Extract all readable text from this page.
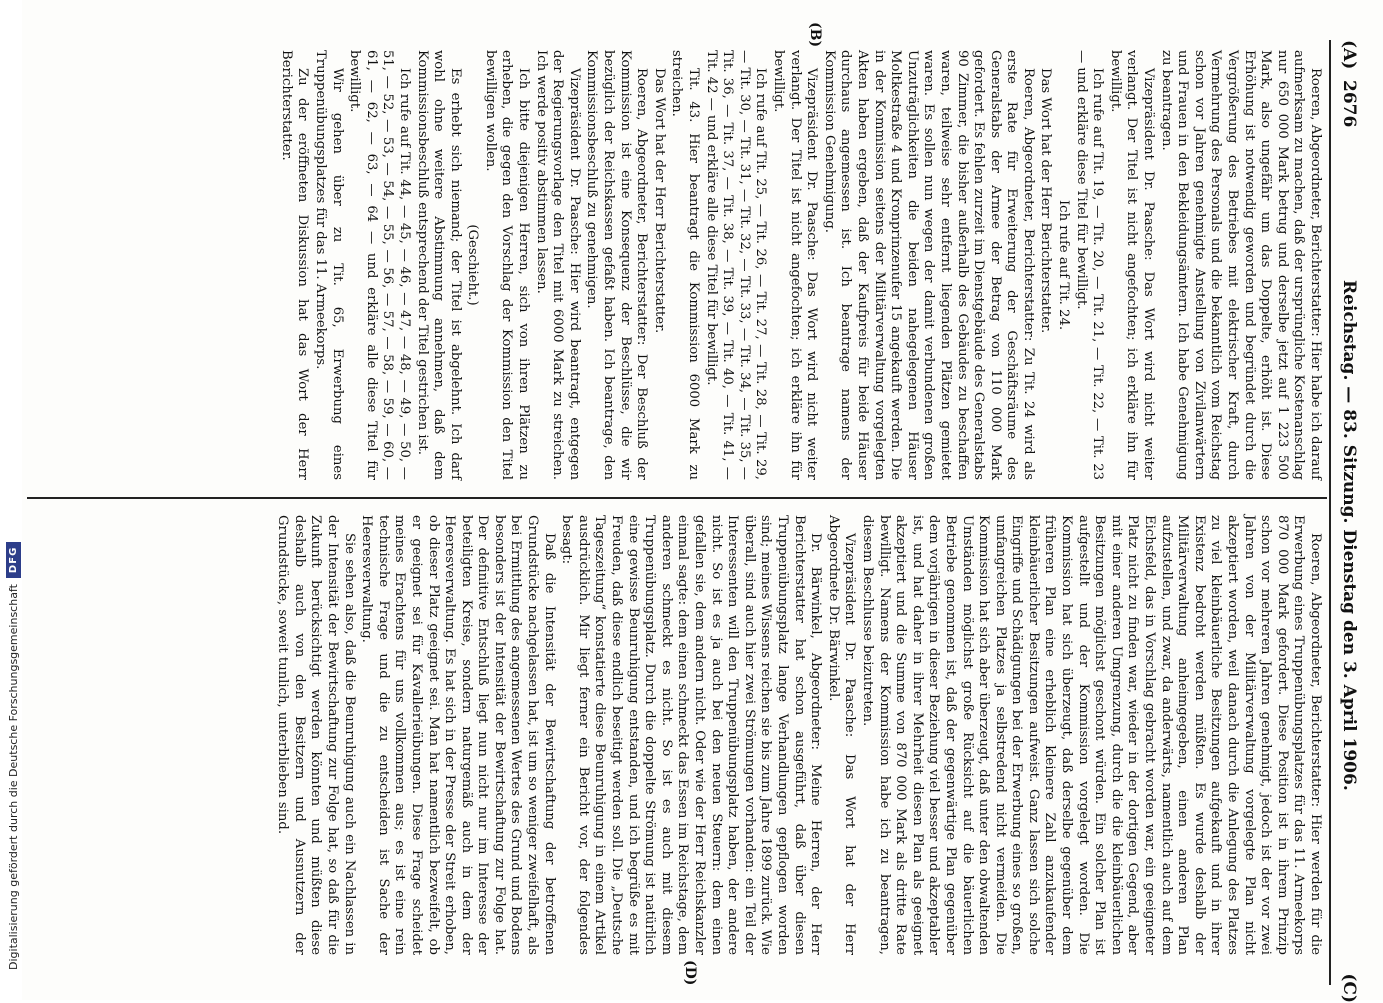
(A)
2676
Reichstag. — 83. Sitzung. Dienstag den 3. April 1906.
(C)

Roeren, Abgeordneter, Berichterstatter: Hier habe ich darauf aufmerksam zu machen, daß der ursprüngliche Kostenanschlag nur 650 000 Mark betrug und derselbe jetzt auf 1 223 500 Mark, also ungefähr um das Doppelte, erhöht ist. Diese Erhöhung ist notwendig geworden und begründet durch die Vergrößerung des Betriebes mit elektrischer Kraft, durch Vermehrung des Personals und die bekanntlich vom Reichstag schon vor Jahren genehmigte Anstellung von Zivilanwärtern und Frauen in den Bekleidungsämtern. Ich habe Genehmigung zu beantragen.

Vizepräsident Dr. Paasche: Das Wort wird nicht weiter verlangt. Der Titel ist nicht angefochten; ich erkläre ihn für bewilligt.

Ich rufe auf Tit. 19, — Tit. 20, — Tit. 21, — Tit. 22, — Tit. 23 — und erkläre diese Titel für bewilligt.

Ich rufe auf Tit. 24.

Das Wort hat der Herr Berichterstatter.

Roeren, Abgeordneter, Berichterstatter: Zu Tit. 24 wird als erste Rate für Erweiterung der Geschäftsräume des Generalstabs der Armee der Betrag von 110 000 Mark gefordert. Es fehlen zurzeit im Dienstgebäude des Generalstabs 90 Zimmer, die bisher außerhalb des Gebäudes zu beschaffen waren, teilweise sehr entfernt liegenden Plätzen gemietet waren. Es sollen nun wegen der damit verbundenen großen Unzuträglichkeiten die beiden nahegelegenen Häuser Moltkestraße 4 und Kronprinzenufer 15 angekauft werden. Die in der Kommission seitens der Militärverwaltung vorgelegten Akten haben ergeben, daß der Kaufpreis für beide Häuser durchaus angemessen ist. Ich beantrage namens der Kommission Genehmigung.

Vizepräsident Dr. Paasche: Das Wort wird nicht weiter verlangt. Der Titel ist nicht angefochten; ich erkläre ihn für bewilligt.

Ich rufe auf Tit. 25, — Tit. 26, — Tit. 27, — Tit. 28, — Tit. 29, — Tit. 30, — Tit. 31, — Tit. 32, — Tit. 33, — Tit. 34, — Tit. 35, — Tit. 36, — Tit. 37, — Tit. 38, — Tit. 39, — Tit. 40, — Tit. 41, — Tit. 42 — und erkläre alle diese Titel für bewilligt.

Tit. 43. Hier beantragt die Kommission 6000 Mark zu streichen.

Das Wort hat der Herr Berichterstatter.

Roeren, Abgeordneter, Berichterstatter: Der Beschluß der Kommission ist eine Konsequenz der Beschlüsse, die wir bezüglich der Reichskassen gefaßt haben. Ich beantrage, den Kommissionsbeschluß zu genehmigen.

Vizepräsident Dr. Paasche: Hier wird beantragt, entgegen der Regierungsvorlage den Titel mit 6000 Mark zu streichen. Ich werde positiv abstimmen lassen.

Ich bitte diejenigen Herren, sich von ihren Plätzen zu erheben, die gegen den Vorschlag der Kommission den Titel bewilligen wollen.

(Geschieht.)

Es erhebt sich niemand; der Titel ist abgelehnt. Ich darf wohl ohne weitere Abstimmung annehmen, daß dem Kommissionsbeschluß entsprechend der Titel gestrichen ist.

Ich rufe auf Tit. 44, — 45, — 46, — 47, — 48, — 49, — 50, — 51, — 52, — 53, — 54, — 55, — 56, — 57, — 58, — 59, — 60, — 61, — 62, — 63, — 64 — und erkläre alle diese Titel für bewilligt.

Wir gehen über zu Tit. 65, Erwerbung eines Truppenübungsplatzes für das 11. Armeekorps.

Zu der eröffneten Diskussion hat das Wort der Herr Berichterstatter.

Roeren, Abgeordneter, Berichterstatter: Hier werden für die Erwerbung eines Truppenübungsplatzes für das 11. Armeekorps 870 000 Mark gefordert. Diese Position ist in ihrem Prinzip schon vor mehreren Jahren genehmigt, jedoch ist der vor zwei Jahren von der Militärverwaltung vorgelegte Plan nicht akzeptiert worden, weil danach durch die Anlegung des Platzes zu viel kleinbäuerliche Besitzungen aufgekauft und in ihrer Existenz bedroht werden müßten. Es wurde deshalb der Militärverwaltung anheimgegeben, einen anderen Plan aufzustellen, und zwar, da anderwärts, namentlich auch auf dem Eichsfeld, das in Vorschlag gebracht worden war, ein geeigneter Platz nicht zu finden war, wieder in der dortigen Gegend, aber mit einer anderen Umgrenzung, durch die die kleinbäuerlichen Besitzungen möglichst geschont würden. Ein solcher Plan ist aufgestellt und der Kommission vorgelegt worden. Die Kommission hat sich überzeugt, daß derselbe gegenüber dem früheren Plan eine erheblich kleinere Zahl anzukaufender kleinbäuerlicher Besitzungen aufweist. Ganz lassen sich solche Eingriffe und Schädigungen bei der Erwerbung eines so großen, umfangreichen Platzes ja selbstredend nicht vermeiden. Die Kommission hat sich aber überzeugt, daß unter den obwaltenden Umständen möglichst große Rücksicht auf die bäuerlichen Betriebe genommen ist, daß der gegenwärtige Plan gegenüber dem vorjährigen in dieser Beziehung viel besser und akzeptabler ist, und hat daher in ihrer Mehrheit diesen Plan als geeignet akzeptiert und die Summe von 870 000 Mark als dritte Rate bewilligt. Namens der Kommission habe ich zu beantragen, diesem Beschlusse beizutreten.

Vizepräsident Dr. Paasche: Das Wort hat der Herr Abgeordnete Dr. Bärwinkel.

Dr. Bärwinkel, Abgeordneter: Meine Herren, der Herr Berichterstatter hat schon ausgeführt, daß über diesen Truppenübungsplatz lange Verhandlungen gepflogen worden sind; meines Wissens reichen sie bis zum Jahre 1899 zurück. Wie überall, sind auch hier zwei Strömungen vorhanden: ein Teil der Interessenten will den Truppenübungsplatz haben, der andere nicht. So ist es ja auch bei den neuen Steuern: dem einen gefallen sie, dem andern nicht. Oder wie der Herr Reichskanzler einmal sagte: dem einen schmeckt das Essen im Reichstage, dem anderen schmeckt es nicht. So ist es auch mit diesem Truppenübungsplatz. Durch die doppelte Strömung ist natürlich eine gewisse Beunruhigung entstanden, und ich begrüße es mit Freuden, daß diese endlich beseitigt werden soll. Die „Deutsche Tageszeitung“ konstatierte diese Beunruhigung in einem Artikel ausdrücklich. Mir liegt ferner ein Bericht vor, der folgendes besagt:

Daß die Intensität der Bewirtschaftung der betroffenen Grundstücke nachgelassen hat, ist um so weniger zweifelhaft, als bei Ermittlung des angemessenen Wertes des Grund und Bodens besonders ist der Intensität der Bewirtschaftung zur Folge hat. Der definitive Entschluß liegt nun nicht nur im Interesse der beteiligten Kreise, sondern naturgemäß auch in dem der Heeresverwaltung. Es hat sich in der Presse der Streit erhoben, ob dieser Platz geeignet sei. Man hat namentlich bezweifelt, ob er geeignet sei für Kavallerieübungen. Diese Frage scheidet meines Erachtens für uns vollkommen aus; es ist eine rein technische Frage und die zu entscheiden ist Sache der Heeresverwaltung.

Sie sehen also, daß die Beunruhigung auch ein Nachlassen in der Intensität der Bewirtschaftung zur Folge hat, so daß für die Zukunft berücksichtigt werden könnten und müßten diese deshalb auch von den Besitzern und Ausnutzern der Grundstücke, soweit tunlich, unterblieben sind.

(B)
(D)
Digitalisierung gefördert durch die Deutsche Forschungsgemeinschaft
DFG
